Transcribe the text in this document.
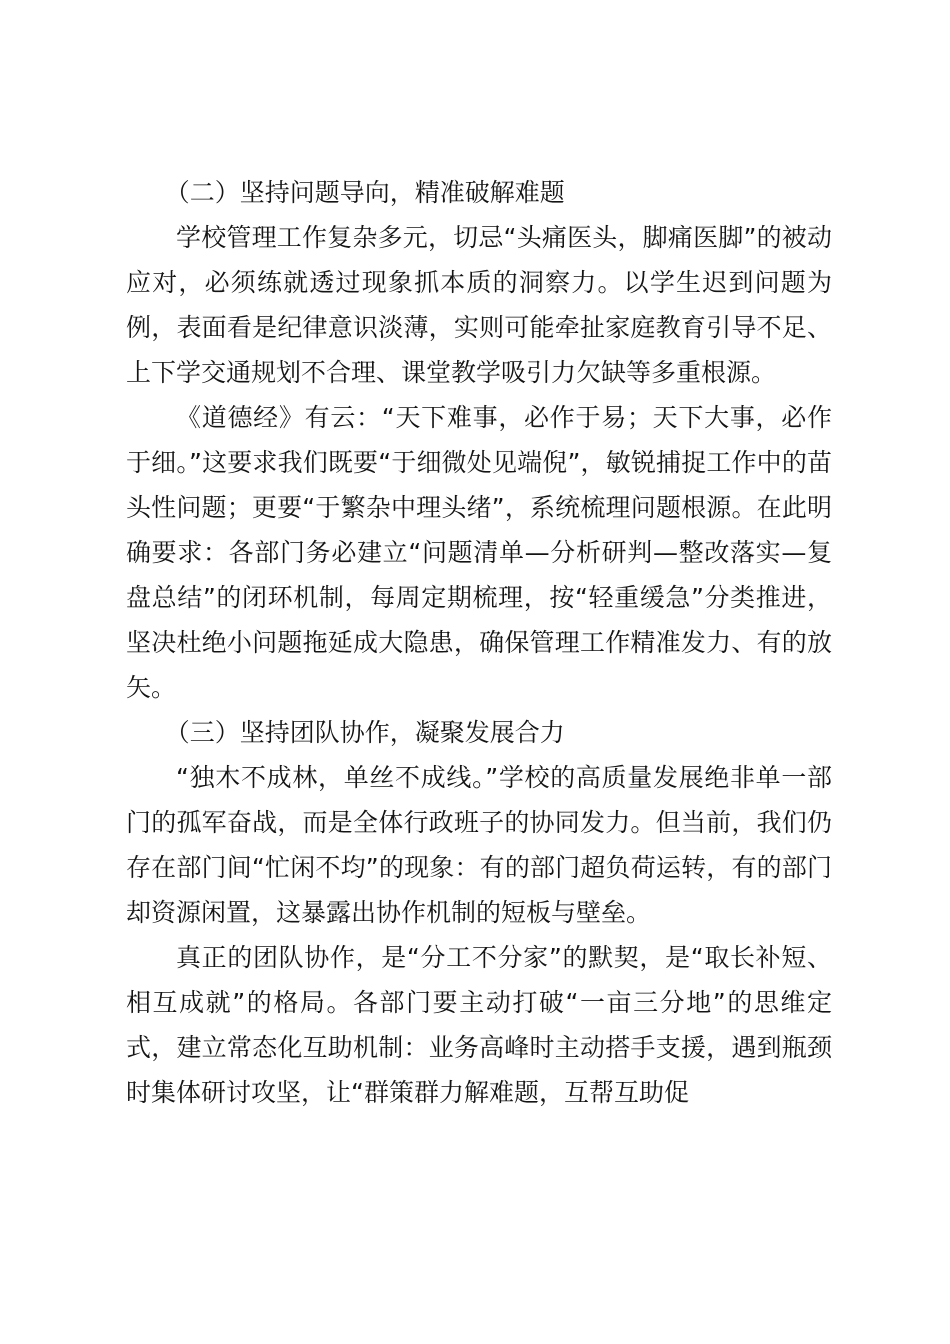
（二）坚持问题导向，精准破解难题

学校管理工作复杂多元，切忌“头痛医头，脚痛医脚”的被动应对，必须练就透过现象抓本质的洞察力。以学生迟到问题为例，表面看是纪律意识淡薄，实则可能牵扯家庭教育引导不足、上下学交通规划不合理、课堂教学吸引力欠缺等多重根源。

《道德经》有云：“天下难事，必作于易；天下大事，必作于细。”这要求我们既要“于细微处见端倪”，敏锐捕捉工作中的苗头性问题；更要“于繁杂中理头绪”，系统梳理问题根源。在此明确要求：各部门务必建立“问题清单—分析研判—整改落实—复盘总结”的闭环机制，每周定期梳理，按“轻重缓急”分类推进，坚决杜绝小问题拖延成大隐患，确保管理工作精准发力、有的放矢。

（三）坚持团队协作，凝聚发展合力

“独木不成林，单丝不成线。”学校的高质量发展绝非单一部门的孤军奋战，而是全体行政班子的协同发力。但当前，我们仍存在部门间“忙闲不均”的现象：有的部门超负荷运转，有的部门却资源闲置，这暴露出协作机制的短板与壁垒。

真正的团队协作，是“分工不分家”的默契，是“取长补短、相互成就”的格局。各部门要主动打破“一亩三分地”的思维定式，建立常态化互助机制：业务高峰时主动搭手支援，遇到瓶颈时集体研讨攻坚，让“群策群力解难题，互帮互助促
